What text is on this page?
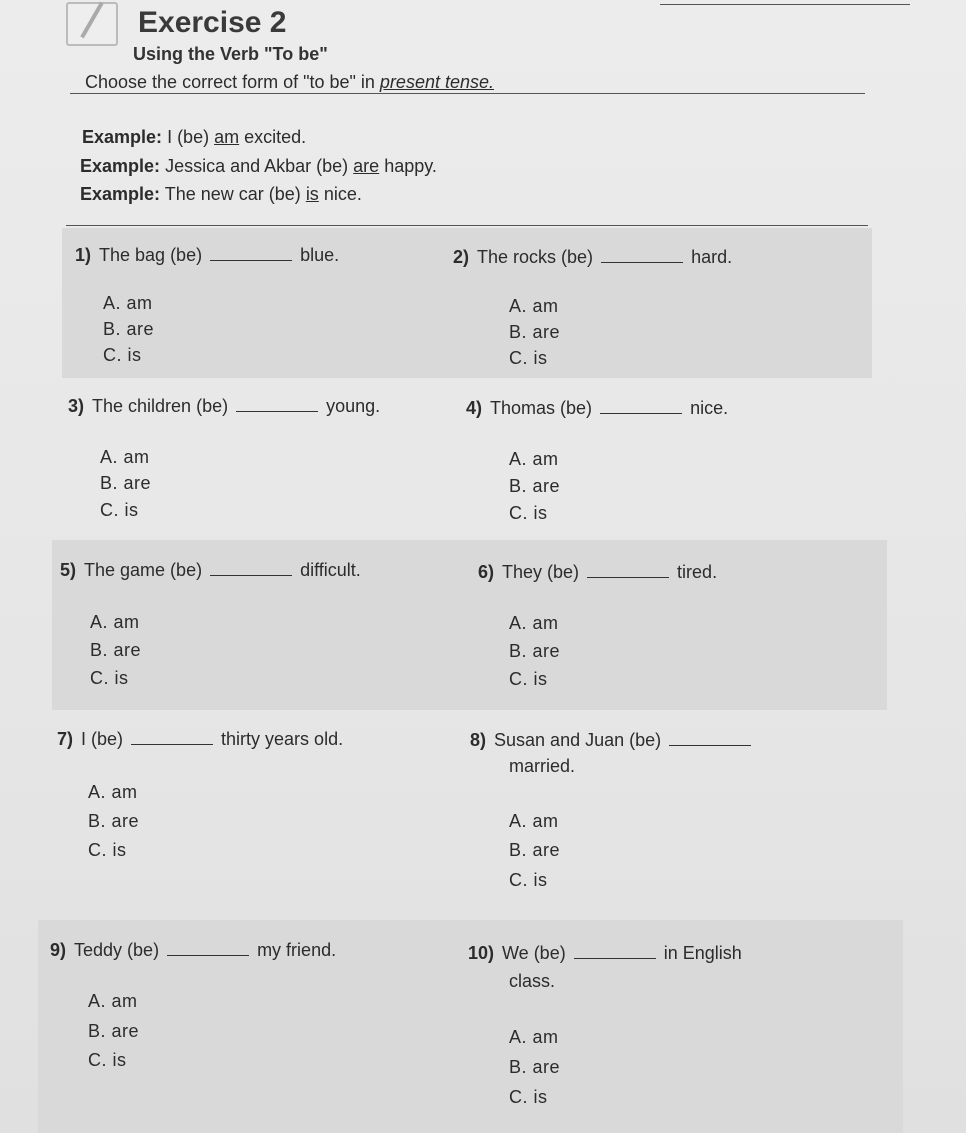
Exercise 2
Using the Verb "To be"
Choose the correct form of "to be" in present tense.
Example: I (be) am excited.
Example: Jessica and Akbar (be) are happy.
Example: The new car (be) is nice.
1) The bag (be)	blue.
A. am
B. are
C. is
2) The rocks (be)	hard.
A. am
B. are
C. is
3) The children (be)	young.
A. am
B. are
C. is
4) Thomas (be)	nice.
A. am
B. are
C. is
5) The game (be)	difficult.
A. am
B. are
C. is
6) They (be)	tired.
A. am
B. are
C. is
7) I (be)	thirty years old.
A. am
B. are
C. is
8) Susan and Juan (be)
married.
A. am
B. are
C. is
9) Teddy (be)	my friend.
A. am
B. are
C. is
10) We (be)	in English
class.
A. am
B. are
C. is
